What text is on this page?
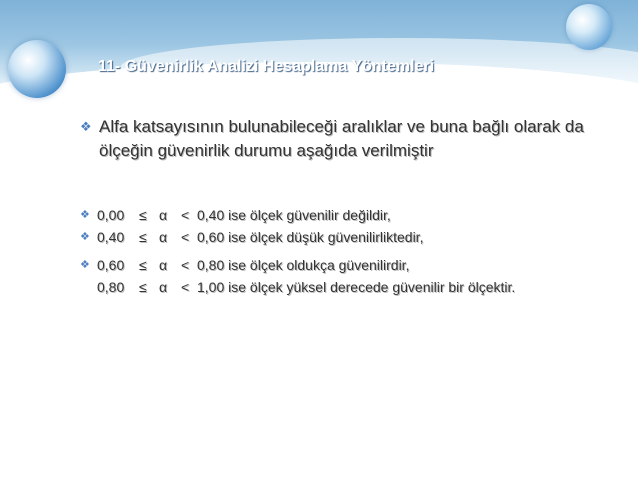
11- Güvenirlik Analizi Hesaplama Yöntemleri
❖ Alfa katsayısının bulunabileceği aralıklar ve buna bağlı olarak da ölçeğin güvenirlik durumu aşağıda verilmiştir
❖ 0,00	≤ α < 0,40 ise ölçek güvenilir değildir,
❖ 0,40	≤ α < 0,60 ise ölçek düşük güvenilirliktedir,
❖ 0,60	≤ α < 0,80 ise ölçek oldukça güvenilirdir,
0,80	≤ α < 1,00 ise ölçek yüksel derecede güvenilir bir ölçektir.
